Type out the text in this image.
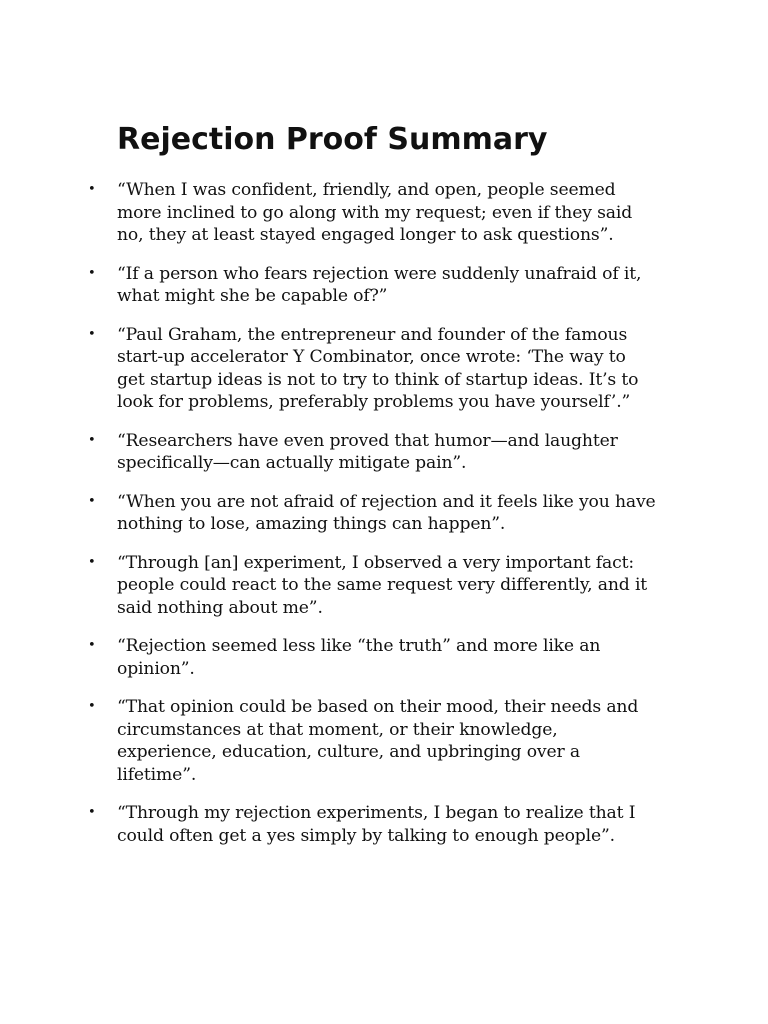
Rejection Proof Summary
• “When I was confident, friendly, and open, people seemed more inclined to go along with my request; even if they said no, they at least stayed engaged longer to ask questions”.
• “If a person who fears rejection were suddenly unafraid of it, what might she be capable of?”
• “Paul Graham, the entrepreneur and founder of the famous start-up accelerator Y Combinator, once wrote: ‘The way to get startup ideas is not to try to think of startup ideas. It’s to look for problems, preferably problems you have yourself’.”
• “Researchers have even proved that humor—and laughter specifically—can actually mitigate pain”.
• “When you are not afraid of rejection and it feels like you have nothing to lose, amazing things can happen”.
• “Through [an] experiment, I observed a very important fact: people could react to the same request very differently, and it said nothing about me”.
• “Rejection seemed less like “the truth” and more like an opinion”.
• “That opinion could be based on their mood, their needs and circumstances at that moment, or their knowledge, experience, education, culture, and upbringing over a lifetime”.
• “Through my rejection experiments, I began to realize that I could often get a yes simply by talking to enough people”.
